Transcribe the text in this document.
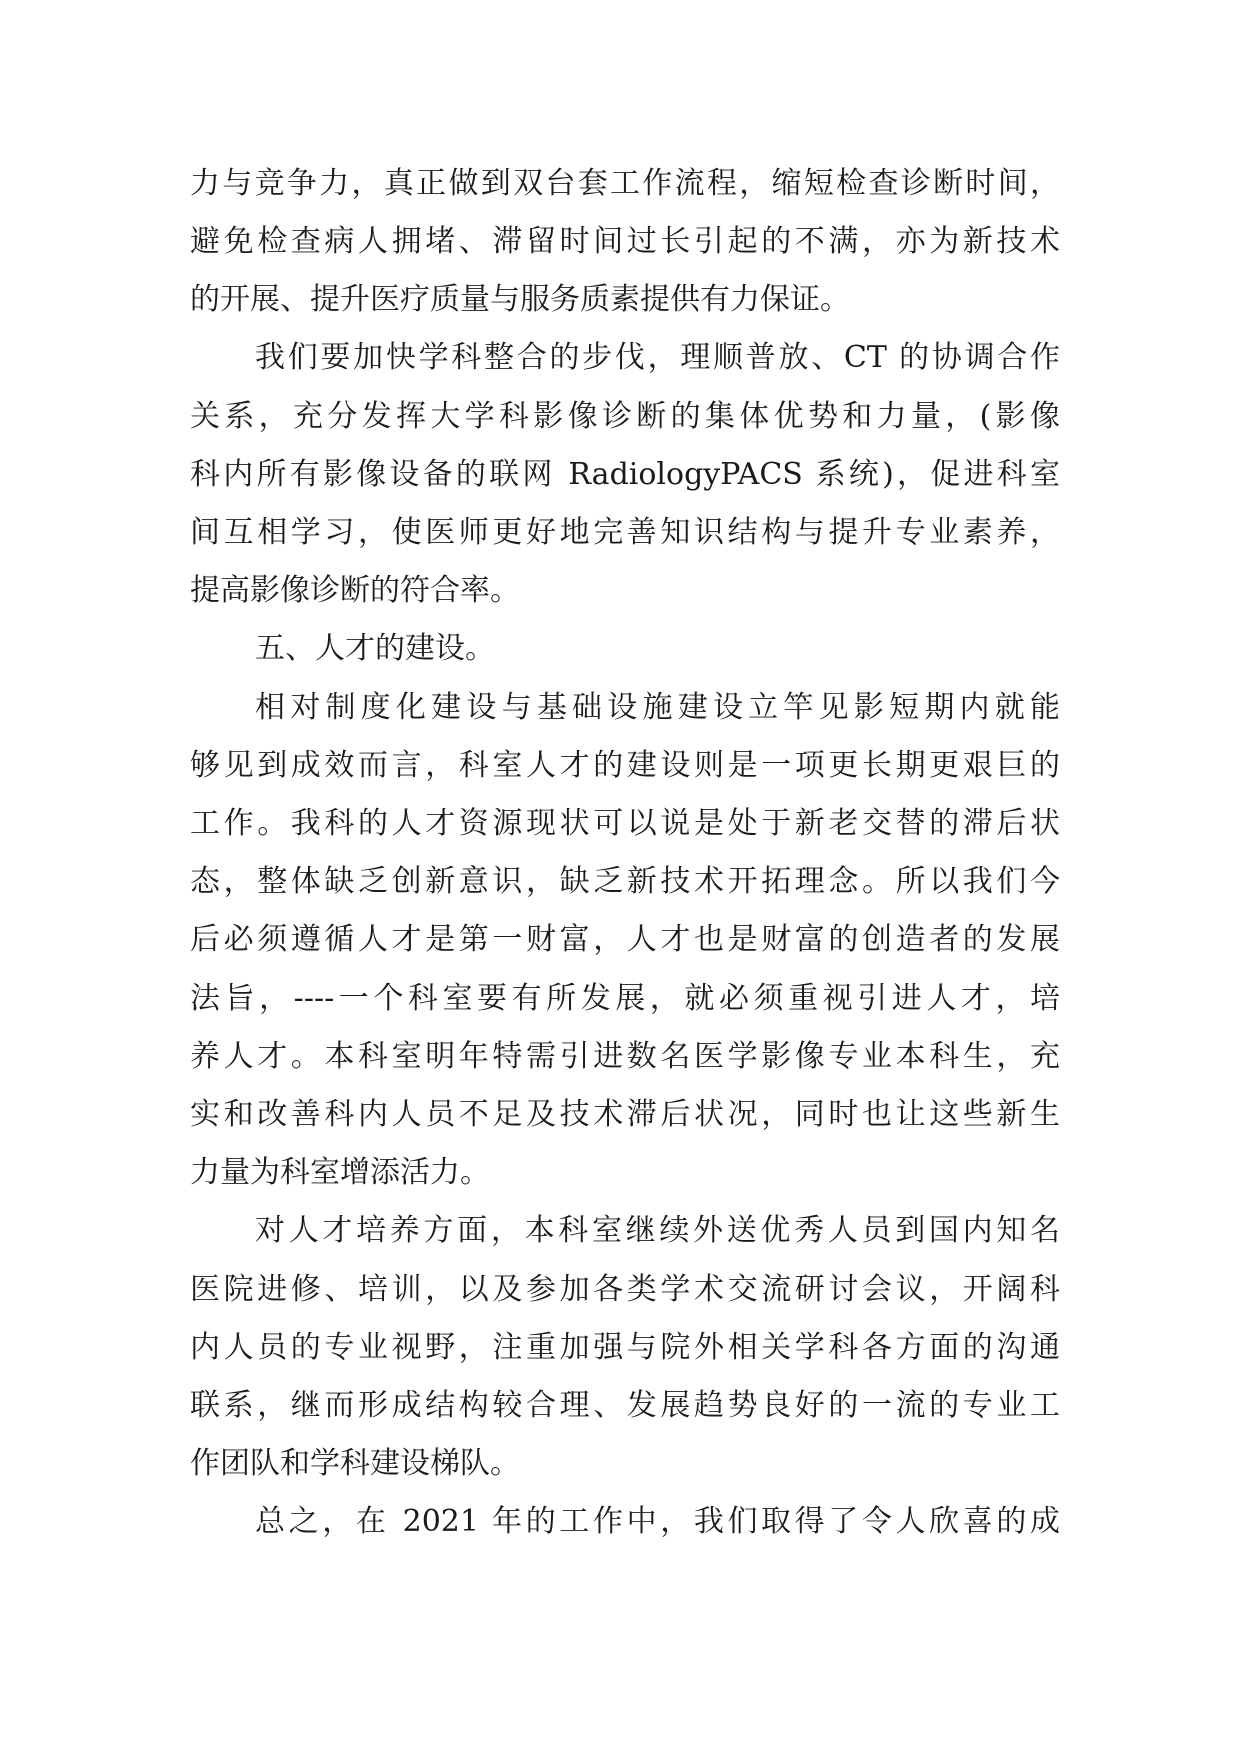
力与竞争力，真正做到双台套工作流程，缩短检查诊断时间，
避免检查病人拥堵、滞留时间过长引起的不满，亦为新技术
的开展、提升医疗质量与服务质素提供有力保证。
我们要加快学科整合的步伐，理顺普放、CT 的协调合作
关系，充分发挥大学科影像诊断的集体优势和力量，(影像
科内所有影像设备的联网 RadiologyPACS 系统)，促进科室
间互相学习，使医师更好地完善知识结构与提升专业素养，
提高影像诊断的符合率。
五、人才的建设。
相对制度化建设与基础设施建设立竿见影短期内就能
够见到成效而言，科室人才的建设则是一项更长期更艰巨的
工作。我科的人才资源现状可以说是处于新老交替的滞后状
态，整体缺乏创新意识，缺乏新技术开拓理念。所以我们今
后必须遵循人才是第一财富，人才也是财富的创造者的发展
法旨，----一个科室要有所发展，就必须重视引进人才，培
养人才。本科室明年特需引进数名医学影像专业本科生，充
实和改善科内人员不足及技术滞后状况，同时也让这些新生
力量为科室增添活力。
对人才培养方面，本科室继续外送优秀人员到国内知名
医院进修、培训，以及参加各类学术交流研讨会议，开阔科
内人员的专业视野，注重加强与院外相关学科各方面的沟通
联系，继而形成结构较合理、发展趋势良好的一流的专业工
作团队和学科建设梯队。
总之，在 2021 年的工作中，我们取得了令人欣喜的成
